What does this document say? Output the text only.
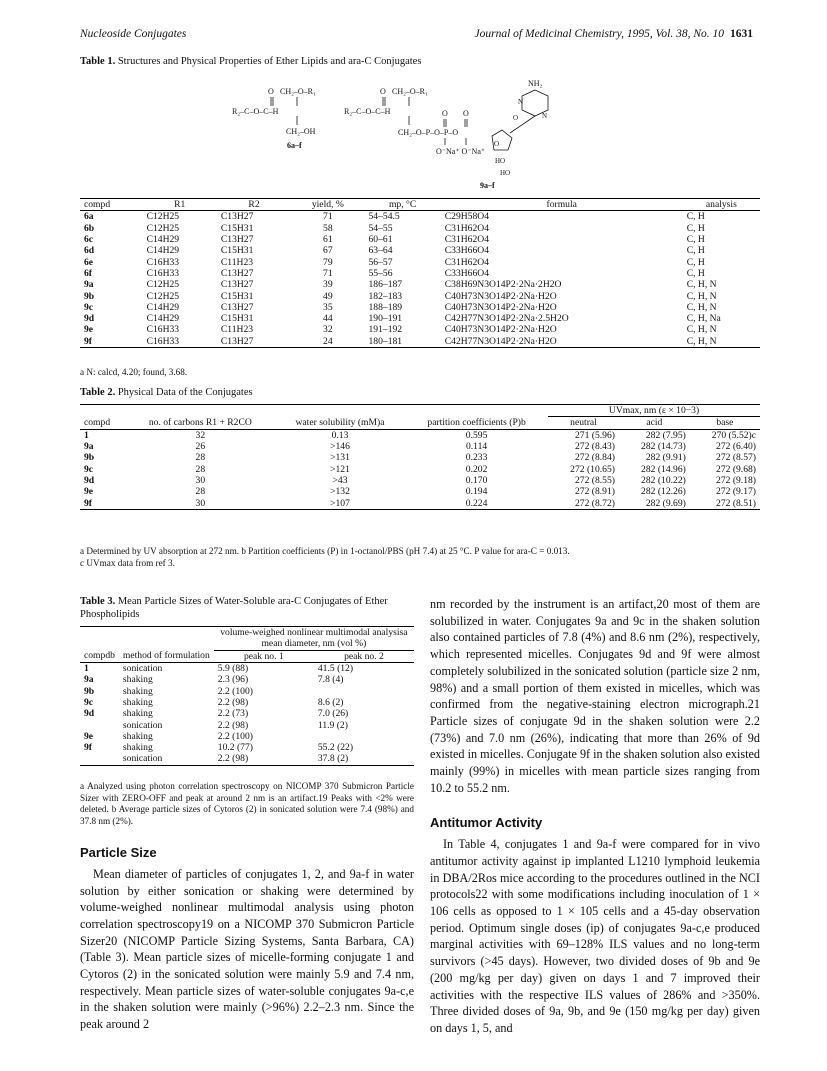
Nucleoside Conjugates	Journal of Medicinal Chemistry, 1995, Vol. 38, No. 10 1631
Table 1. Structures and Physical Properties of Ether Lipids and ara-C Conjugates
O
R₂–C–O–C–H
CH₂–O–R₁
CH₂–OH
6a–f
O
R₂–C–O–C–H
CH₂–O–R₁
CH₂–O–P–O–P–O
O O
O⁻Na⁺ O⁻Na⁺
O
HO
HO
NH₂
N
N
O
9a–f
compd	R1	R2	yield, %	mp, °C	formula	analysis
6a	C12H25	C13H27	71	54–54.5	C29H58O4	C, H
6b	C12H25	C15H31	58	54–55	C31H62O4	C, H
6c	C14H29	C13H27	61	60–61	C31H62O4	C, H
6d	C14H29	C15H31	67	63–64	C33H66O4	C, H
6e	C16H33	C11H23	79	56–57	C31H62O4	C, H
6f	C16H33	C13H27	71	55–56	C33H66O4	C, H
9a	C12H25	C13H27	39	186–187	C38H69N3O14P2·2Na·2H2O	C, H, N
9b	C12H25	C15H31	49	182–183	C40H73N3O14P2·2Na·H2O	C, H, N
9c	C14H29	C13H27	35	188–189	C40H73N3O14P2·2Na·H2O	C, H, N
9d	C14H29	C15H31	44	190–191	C42H77N3O14P2·2Na·2.5H2O	C, H, Na
9e	C16H33	C11H23	32	191–192	C40H73N3O14P2·2Na·H2O	C, H, N
9f	C16H33	C13H27	24	180–181	C42H77N3O14P2·2Na·H2O	C, H, N
a N: calcd, 4.20; found, 3.68.
Table 2. Physical Data of the Conjugates
				UVmax, nm (ε × 10−3)		
compd	no. of carbons R1 + R2CO	water solubility (mM)a	partition coefficients (P)b	neutral	acid	base
1	32	0.13	0.595	271 (5.96)	282 (7.95)	270 (5.52)c
9a	26	>146	0.114	272 (8.43)	282 (14.73)	272 (6.40)
9b	28	>131	0.233	272 (8.84)	282 (9.91)	272 (8.57)
9c	28	>121	0.202	272 (10.65)	282 (14.96)	272 (9.68)
9d	30	>43	0.170	272 (8.55)	282 (10.22)	272 (9.18)
9e	28	>132	0.194	272 (8.91)	282 (12.26)	272 (9.17)
9f	30	>107	0.224	272 (8.72)	282 (9.69)	272 (8.51)
a Determined by UV absorption at 272 nm. b Partition coefficients (P) in 1-octanol/PBS (pH 7.4) at 25 °C. P value for ara-C = 0.013.
c UVmax data from ref 3.
Table 3. Mean Particle Sizes of Water-Soluble ara-C Conjugates of Ether Phospholipids
		volume-weighed nonlinear multimodal analysisa mean diameter, nm (vol %)	
compdb	method of formulation	peak no. 1	peak no. 2
1	sonication	5.9 (88)	41.5 (12)
9a	shaking	2.3 (96)	7.8 (4)
9b	shaking	2.2 (100)	
9c	shaking	2.2 (98)	8.6 (2)
9d	shaking	2.2 (73)	7.0 (26)
	sonication	2.2 (98)	11.9 (2)
9e	shaking	2.2 (100)	
9f	shaking	10.2 (77)	55.2 (22)
	sonication	2.2 (98)	37.8 (2)
a Analyzed using photon correlation spectroscopy on NICOMP 370 Submicron Particle Sizer with ZERO-OFF and peak at around 2 nm is an artifact.19 Peaks with <2% were deleted. b Average particle sizes of Cytoros (2) in sonicated solution were 7.4 (98%) and 37.8 nm (2%).
Particle Size

Mean diameter of particles of conjugates 1, 2, and 9a-f in water solution by either sonication or shaking were determined by volume-weighed nonlinear multimodal analysis using photon correlation spectroscopy19 on a NICOMP 370 Submicron Particle Sizer20 (NICOMP Particle Sizing Systems, Santa Barbara, CA) (Table 3). Mean particle sizes of micelle-forming conjugate 1 and Cytoros (2) in the sonicated solution were mainly 5.9 and 7.4 nm, respectively. Mean particle sizes of water-soluble conjugates 9a-c,e in the shaken solution were mainly (>96%) 2.2–2.3 nm. Since the peak around 2

nm recorded by the instrument is an artifact,20 most of them are solubilized in water. Conjugates 9a and 9c in the shaken solution also contained particles of 7.8 (4%) and 8.6 nm (2%), respectively, which represented micelles. Conjugates 9d and 9f were almost completely solubilized in the sonicated solution (particle size 2 nm, 98%) and a small portion of them existed in micelles, which was confirmed from the negative-staining electron micrograph.21 Particle sizes of conjugate 9d in the shaken solution were 2.2 (73%) and 7.0 nm (26%), indicating that more than 26% of 9d existed in micelles. Conjugate 9f in the shaken solution also existed mainly (99%) in micelles with mean particle sizes ranging from 10.2 to 55.2 nm.

Antitumor Activity

In Table 4, conjugates 1 and 9a-f were compared for in vivo antitumor activity against ip implanted L1210 lymphoid leukemia in DBA/2Ros mice according to the procedures outlined in the NCI protocols22 with some modifications including inoculation of 1 × 106 cells as opposed to 1 × 105 cells and a 45-day observation period. Optimum single doses (ip) of conjugates 9a-c,e produced marginal activities with 69–128% ILS values and no long-term survivors (>45 days). However, two divided doses of 9b and 9e (200 mg/kg per day) given on days 1 and 7 improved their activities with the respective ILS values of 286% and >350%. Three divided doses of 9a, 9b, and 9e (150 mg/kg per day) given on days 1, 5, and
